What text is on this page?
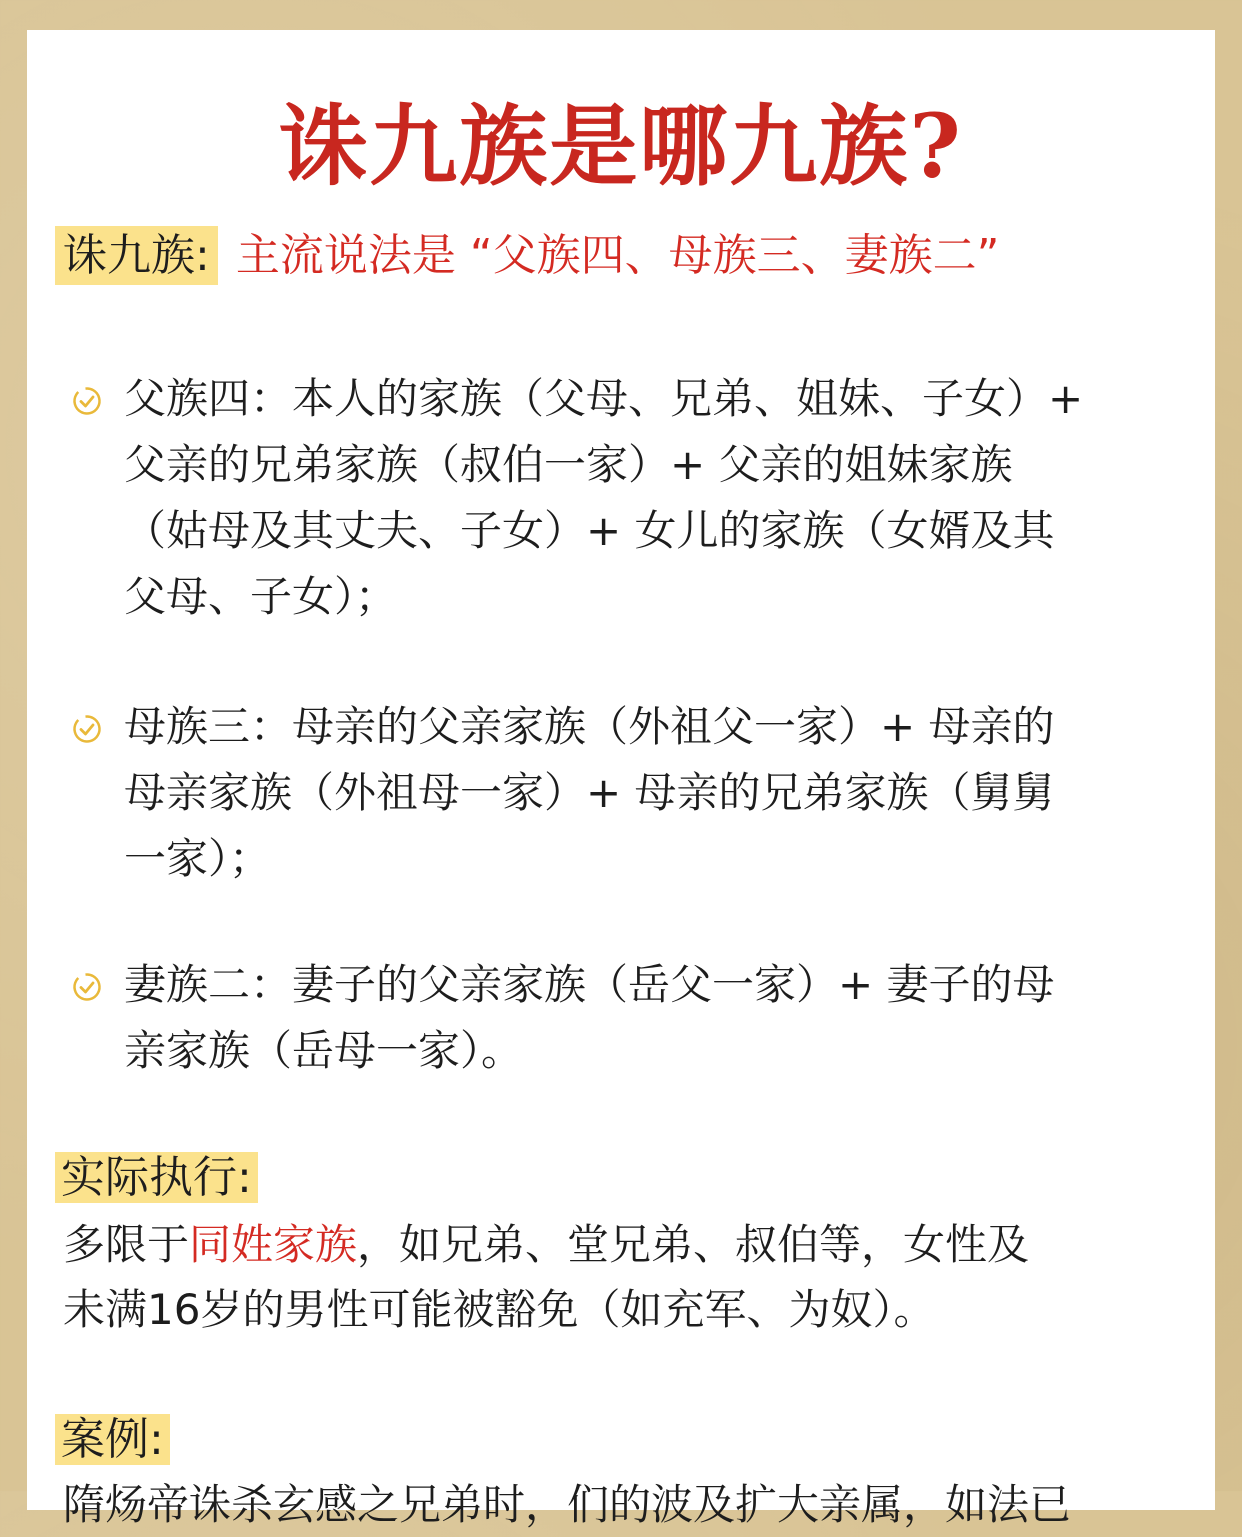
诛九族是哪九族?
诛九族: 主流说法是 “父族四、母族三、妻族二”
父族四：本人的家族（父母、兄弟、姐妹、子女）+
父亲的兄弟家族（叔伯一家）+ 父亲的姐妹家族
（姑母及其丈夫、子女）+ 女儿的家族（女婿及其
父母、子女）；
母族三：母亲的父亲家族（外祖父一家）+ 母亲的
母亲家族（外祖母一家）+ 母亲的兄弟家族（舅舅
一家）；
妻族二：妻子的父亲家族（岳父一家）+ 妻子的母
亲家族（岳母一家）。
实际执行:
多限于同姓家族，如兄弟、堂兄弟、叔伯等，女性及
未满16岁的男性可能被豁免（如充军、为奴）。
案例:
隋炀帝诛杀玄感之兄弟时，们的波及扩大亲属，如法已
